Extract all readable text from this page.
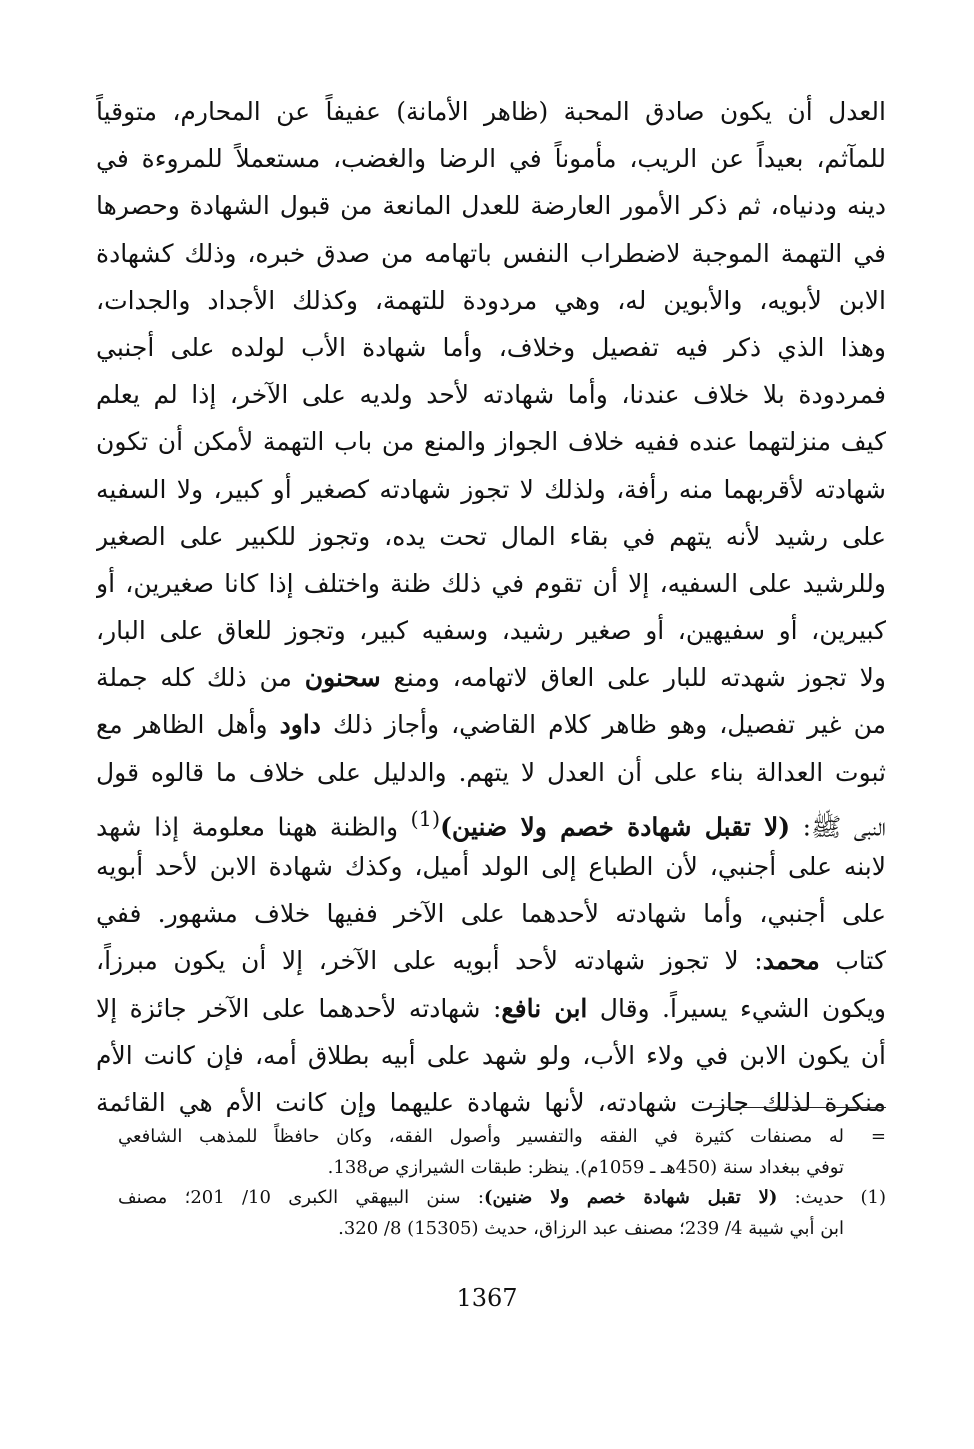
العدل أن يكون صادق المحبة (ظاهر الأمانة) عفيفاً عن المحارم، متوقياً
للمآثم، بعيداً عن الريب، مأموناً في الرضا والغضب، مستعملاً للمروءة في
دينه ودنياه، ثم ذكر الأمور العارضة للعدل المانعة من قبول الشهادة وحصرها
في التهمة الموجبة لاضطراب النفس باتهامه من صدق خبره، وذلك كشهادة
الابن لأبويه، والأبوين له، وهي مردودة للتهمة، وكذلك الأجداد والجدات،
وهذا الذي ذكر فيه تفصيل وخلاف، وأما شهادة الأب لولده على أجنبي
فمردودة بلا خلاف عندنا، وأما شهادته لأحد ولديه على الآخر، إذا لم يعلم
كيف منزلتهما عنده ففيه خلاف الجواز والمنع من باب التهمة لأمكن أن تكون
شهادته لأقربهما منه رأفة، ولذلك لا تجوز شهادته كصغير أو كبير، ولا السفيه
على رشيد لأنه يتهم في بقاء المال تحت يده، وتجوز للكبير على الصغير
وللرشيد على السفيه، إلا أن تقوم في ذلك ظنة واختلف إذا كانا صغيرين، أو
كبيرين، أو سفيهين، أو صغير رشيد، وسفيه كبير، وتجوز للعاق على البار،
ولا تجوز شهدته للبار على العاق لاتهامه، ومنع سحنون من ذلك كله جملة
من غير تفصيل، وهو ظاهر كلام القاضي، وأجاز ذلك داود وأهل الظاهر مع
ثبوت العدالة بناء على أن العدل لا يتهم. والدليل على خلاف ما قالوه قول
النبي ﷺ: (لا تقبل شهادة خصم ولا ضنين)$^{(1)}$ والظنة ههنا معلومة إذا شهد
لابنه على أجنبي، لأن الطباع إلى الولد أميل، وكذك شهادة الابن لأحد أبويه
على أجنبي، وأما شهادته لأحدهما على الآخر ففيها خلاف مشهور. ففي
كتاب محمد: لا تجوز شهادته لأحد أبويه على الآخر، إلا أن يكون مبرزاً،
ويكون الشيء يسيراً. وقال ابن نافع: شهادته لأحدهما على الآخر جائزة إلا
أن يكون الابن في ولاء الأب، ولو شهد على أبيه بطلاق أمه، فإن كانت الأم
منكرة لذلك جازت شهادته، لأنها شهادة عليهما وإن كانت الأم هي القائمة
=
له مصنفات كثيرة في الفقه والتفسير وأصول الفقه، وكان حافظاً للمذهب الشافعي
توفي ببغداد سنة (450هـ ـ 1059م). ينظر: طبقات الشيرازي ص138.
(1)
حديث: (لا تقبل شهادة خصم ولا ضنين): سنن البيهقي الكبرى 10/ 201؛ مصنف
ابن أبي شيبة 4/ 239؛ مصنف عبد الرزاق، حديث (15305) 8/ 320.
1367
